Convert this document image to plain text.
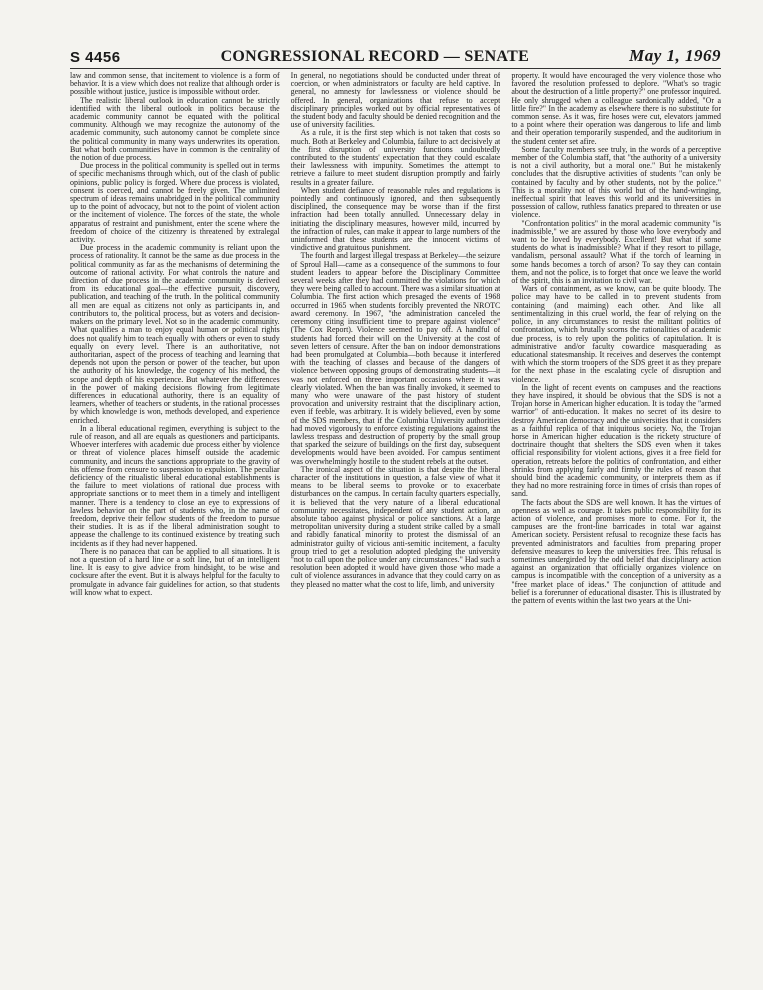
S 4456	CONGRESSIONAL RECORD — SENATE	May 1, 1969

law and common sense, that incitement to violence is a form of behavior. It is a view which does not realize that although order is possible without justice, justice is impossible without order.

The realistic liberal outlook in education cannot be strictly identified with the liberal outlook in politics because the academic community cannot be equated with the political community. Although we may recognize the autonomy of the academic community, such autonomy cannot be complete since the political community in many ways underwrites its operation. But what both communities have in common is the centrality of the notion of due process.

Due process in the political community is spelled out in terms of specific mechanisms through which, out of the clash of public opinions, public policy is forged. Where due process is violated, consent is coerced, and cannot be freely given. The unlimited spectrum of ideas remains unabridged in the political community up to the point of advocacy, but not to the point of violent action or the incitement of violence. The forces of the state, the whole apparatus of restraint and punishment, enter the scene where the freedom of choice of the citizenry is threatened by extralegal activity.

Due process in the academic community is reliant upon the process of rationality. It cannot be the same as due process in the political community as far as the mechanisms of determining the outcome of rational activity. For what controls the nature and direction of due process in the academic community is derived from its educational goal—the effective pursuit, discovery, publication, and teaching of the truth. In the political community all men are equal as citizens not only as participants in, and contributors to, the political process, but as voters and decision-makers on the primary level. Not so in the academic community. What qualifies a man to enjoy equal human or political rights does not qualify him to teach equally with others or even to study equally on every level. There is an authoritative, not authoritarian, aspect of the process of teaching and learning that depends not upon the person or power of the teacher, but upon the authority of his knowledge, the cogency of his method, the scope and depth of his experience. But whatever the differences in the power of making decisions flowing from legitimate differences in educational authority, there is an equality of learners, whether of teachers or students, in the rational processes by which knowledge is won, methods developed, and experience enriched.

In a liberal educational regimen, everything is subject to the rule of reason, and all are equals as questioners and participants. Whoever interferes with academic due process either by violence or threat of violence places himself outside the academic community, and incurs the sanctions appropriate to the gravity of his offense from censure to suspension to expulsion. The peculiar deficiency of the ritualistic liberal educational establishments is the failure to meet violations of rational due process with appropriate sanctions or to meet them in a timely and intelligent manner. There is a tendency to close an eye to expressions of lawless behavior on the part of students who, in the name of freedom, deprive their fellow students of the freedom to pursue their studies. It is as if the liberal administration sought to appease the challenge to its continued existence by treating such incidents as if they had never happened.

There is no panacea that can be applied to all situations. It is not a question of a hard line or a soft line, but of an intelligent line. It is easy to give advice from hindsight, to be wise and cocksure after the event. But it is always helpful for the faculty to promulgate in advance fair guidelines for action, so that students will know what to expect.

In general, no negotiations should be conducted under threat of coercion, or when administrators or faculty are held captive. In general, no amnesty for lawlessness or violence should be offered. In general, organizations that refuse to accept disciplinary principles worked out by official representatives of the student body and faculty should be denied recognition and the use of university facilities.

As a rule, it is the first step which is not taken that costs so much. Both at Berkeley and Columbia, failure to act decisively at the first disruption of university functions undoubtedly contributed to the students' expectation that they could escalate their lawlessness with impunity. Sometimes the attempt to retrieve a failure to meet student disruption promptly and fairly results in a greater failure.

When student defiance of reasonable rules and regulations is pointedly and continuously ignored, and then subsequently disciplined, the consequence may be worse than if the first infraction had been totally annulled. Unnecessary delay in initiating the disciplinary measures, however mild, incurred by the infraction of rules, can make it appear to large numbers of the uninformed that these students are the innocent victims of vindictive and gratuitous punishment.

The fourth and largest illegal trespass at Berkeley—the seizure of Sproul Hall—came as a consequence of the summons to four student leaders to appear before the Disciplinary Committee several weeks after they had committed the violations for which they were being called to account. There was a similar situation at Columbia. The first action which presaged the events of 1968 occurred in 1965 when students forcibly prevented the NROTC award ceremony. In 1967, "the administration canceled the ceremony citing insufficient time to prepare against violence" (The Cox Report). Violence seemed to pay off. A handful of students had forced their will on the University at the cost of seven letters of censure. After the ban on indoor demonstrations had been promulgated at Columbia—both because it interfered with the teaching of classes and because of the dangers of violence between opposing groups of demonstrating students—it was not enforced on three important occasions where it was clearly violated. When the ban was finally invoked, it seemed to many who were unaware of the past history of student provocation and university restraint that the disciplinary action, even if feeble, was arbitrary. It is widely believed, even by some of the SDS members, that if the Columbia University authorities had moved vigorously to enforce existing regulations against the lawless trespass and destruction of property by the small group that sparked the seizure of buildings on the first day, subsequent developments would have been avoided. For campus sentiment was overwhelmingly hostile to the student rebels at the outset.

The ironical aspect of the situation is that despite the liberal character of the institutions in question, a false view of what it means to be liberal seems to provoke or to exacerbate disturbances on the campus. In certain faculty quarters especially, it is believed that the very nature of a liberal educational community necessitates, independent of any student action, an absolute taboo against physical or police sanctions. At a large metropolitan university during a student strike called by a small and rabidly fanatical minority to protest the dismissal of an administrator guilty of vicious anti-semitic incitement, a faculty group tried to get a resolution adopted pledging the university "not to call upon the police under any circumstances." Had such a resolution been adopted it would have given those who made a cult of violence assurances in advance that they could carry on as they pleased no matter what the cost to life, limb, and university

property. It would have encouraged the very violence those who favored the resolution professed to deplore. "What's so tragic about the destruction of a little property?" one professor inquired. He only shrugged when a colleague sardonically added, "Or a little fire?" In the academy as elsewhere there is no substitute for common sense. As it was, fire hoses were cut, elevators jammed to a point where their operation was dangerous to life and limb and their operation temporarily suspended, and the auditorium in the student center set afire.

Some faculty members see truly, in the words of a perceptive member of the Columbia staff, that "the authority of a university is not a civil authority, but a moral one." But he mistakenly concludes that the disruptive activities of students "can only be contained by faculty and by other students, not by the police." This is a morality not of this world but of the hand-wringing, ineffectual spirit that leaves this world and its universities in possession of callow, ruthless fanatics prepared to threaten or use violence.

"Confrontation politics" in the moral academic community "is inadmissible," we are assured by those who love everybody and want to be loved by everybody. Excellent! But what if some students do what is inadmissible? What if they resort to pillage, vandalism, personal assault? What if the torch of learning in some hands becomes a torch of arson? To say they can contain them, and not the police, is to forget that once we leave the world of the spirit, this is an invitation to civil war.

Wars of containment, as we know, can be quite bloody. The police may have to be called in to prevent students from containing (and maiming) each other. And like all sentimentalizing in this cruel world, the fear of relying on the police, in any circumstances to resist the militant politics of confrontation, which brutally scorns the rationalities of academic due process, is to rely upon the politics of capitulation. It is administrative and/or faculty cowardice masquerading as educational statesmanship. It receives and deserves the contempt with which the storm troopers of the SDS greet it as they prepare for the next phase in the escalating cycle of disruption and violence.

In the light of recent events on campuses and the reactions they have inspired, it should be obvious that the SDS is not a Trojan horse in American higher education. It is today the "armed warrior" of anti-education. It makes no secret of its desire to destroy American democracy and the universities that it considers as a faithful replica of that iniquitous society. No, the Trojan horse in American higher education is the rickety structure of doctrinaire thought that shelters the SDS even when it takes official responsibility for violent actions, gives it a free field for operation, retreats before the politics of confrontation, and either shrinks from applying fairly and firmly the rules of reason that should bind the academic community, or interprets them as if they had no more restraining force in times of crisis than ropes of sand.

The facts about the SDS are well known. It has the virtues of openness as well as courage. It takes public responsibility for its action of violence, and promises more to come. For it, the campuses are the front-line barricades in total war against American society. Persistent refusal to recognize these facts has prevented administrators and faculties from preparing proper defensive measures to keep the universities free. This refusal is sometimes undergirded by the odd belief that disciplinary action against an organization that officially organizes violence on campus is incompatible with the conception of a university as a "free market place of ideas." The conjunction of attitude and belief is a forerunner of educational disaster. This is illustrated by the pattern of events within the last two years at the Uni-
